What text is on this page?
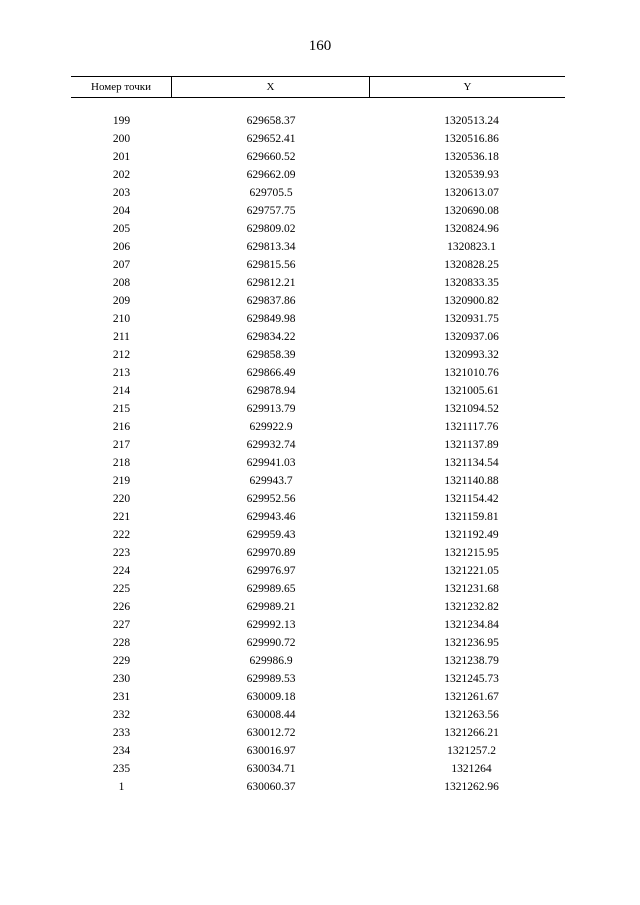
160
Номер точки	X	Y
199	629658.37	1320513.24
200	629652.41	1320516.86
201	629660.52	1320536.18
202	629662.09	1320539.93
203	629705.5	1320613.07
204	629757.75	1320690.08
205	629809.02	1320824.96
206	629813.34	1320823.1
207	629815.56	1320828.25
208	629812.21	1320833.35
209	629837.86	1320900.82
210	629849.98	1320931.75
211	629834.22	1320937.06
212	629858.39	1320993.32
213	629866.49	1321010.76
214	629878.94	1321005.61
215	629913.79	1321094.52
216	629922.9	1321117.76
217	629932.74	1321137.89
218	629941.03	1321134.54
219	629943.7	1321140.88
220	629952.56	1321154.42
221	629943.46	1321159.81
222	629959.43	1321192.49
223	629970.89	1321215.95
224	629976.97	1321221.05
225	629989.65	1321231.68
226	629989.21	1321232.82
227	629992.13	1321234.84
228	629990.72	1321236.95
229	629986.9	1321238.79
230	629989.53	1321245.73
231	630009.18	1321261.67
232	630008.44	1321263.56
233	630012.72	1321266.21
234	630016.97	1321257.2
235	630034.71	1321264
1	630060.37	1321262.96
